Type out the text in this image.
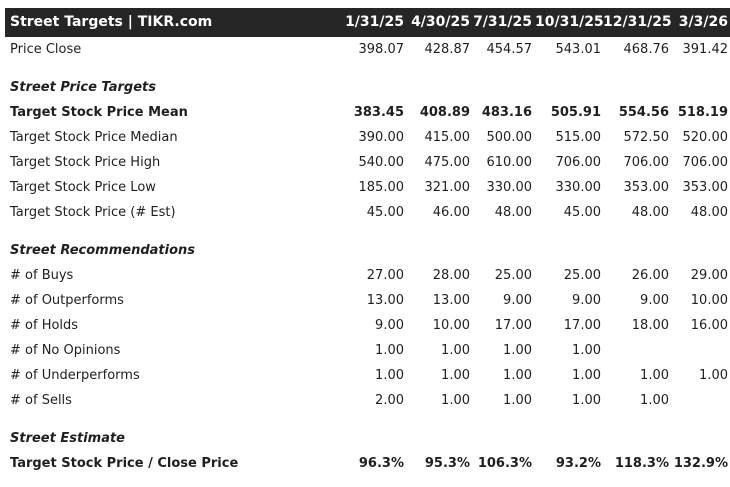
Street Targets | TIKR.com	1/31/25 4/30/25 7/31/25 10/31/25 12/31/25 3/3/26
Price Close	398.07	428.87	454.57	543.01	468.76	391.42
Street Price Targets
Target Stock Price Mean	383.45	408.89 483.16	505.91	554.56 518.19
Target Stock Price Median	390.00	415.00	500.00	515.00	572.50	520.00
Target Stock Price High	540.00	475.00	610.00	706.00	706.00	706.00
Target Stock Price Low	185.00	321.00	330.00	330.00	353.00	353.00
Target Stock Price (# Est)	45.00	46.00	48.00	45.00	48.00	48.00
Street Recommendations
# of Buys	27.00	28.00	25.00	25.00	26.00	29.00
# of Outperforms	13.00	13.00	9.00	9.00	9.00	10.00
# of Holds	9.00	10.00	17.00	17.00	18.00	16.00
# of No Opinions	1.00	1.00	1.00	1.00
# of Underperforms	1.00	1.00	1.00	1.00	1.00	1.00
# of Sells	2.00	1.00	1.00	1.00	1.00
Street Estimate
Target Stock Price / Close Price	96.3%	95.3% 106.3%	93.2%	118.3% 132.9%
